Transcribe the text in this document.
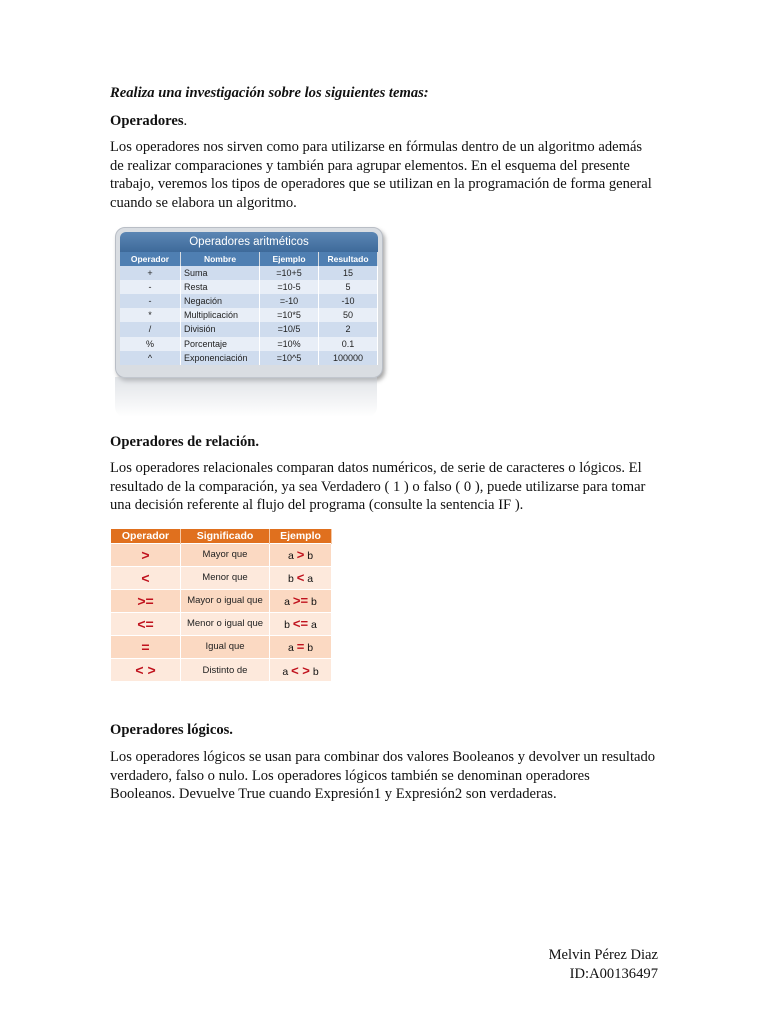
Realiza una investigación sobre los siguientes temas:

Operadores.

Los operadores nos sirven como para utilizarse en fórmulas dentro de un algoritmo además de realizar comparaciones y también para agrupar elementos. En el esquema del presente trabajo, veremos los tipos de operadores que se utilizan en la programación de forma general cuando se elabora un algoritmo.

Operadores aritméticos
Operador	Nombre	Ejemplo	Resultado
+	Suma	=10+5	15
-	Resta	=10-5	5
-	Negación	=-10	-10
*	Multiplicación	=10*5	50
/	División	=10/5	2
%	Porcentaje	=10%	0.1
^	Exponenciación	=10^5	100000

Operadores de relación.

Los operadores relacionales comparan datos numéricos, de serie de caracteres o lógicos. El resultado de la comparación, ya sea Verdadero ( 1 ) o falso ( 0 ), puede utilizarse para tomar una decisión referente al flujo del programa (consulte la sentencia IF ).

Operador	Significado	Ejemplo
>	Mayor que	a > b
<	Menor que	b < a
>=	Mayor o igual que	a >= b
<=	Menor o igual que	b <= a
=	Igual que	a = b
< >	Distinto de	a < > b

Operadores lógicos.

Los operadores lógicos se usan para combinar dos valores Booleanos y devolver un resultado verdadero, falso o nulo. Los operadores lógicos también se denominan operadores Booleanos. Devuelve True cuando Expresión1 y Expresión2 son verdaderas.

Melvin Pérez Diaz
ID:A00136497
